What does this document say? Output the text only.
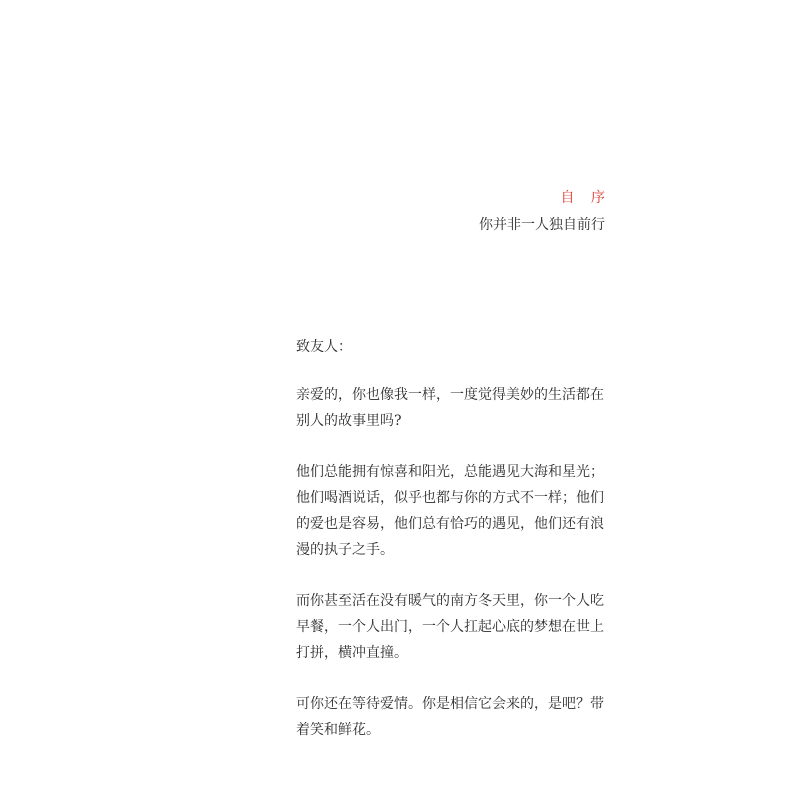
自 序
你并非一人独自前行

致友人：

亲爱的，你也像我一样，一度觉得美妙的生活都在别人的故事里吗?

他们总能拥有惊喜和阳光，总能遇见大海和星光；他们喝酒说话，似乎也都与你的方式不一样；他们的爱也是容易，他们总有恰巧的遇见，他们还有浪漫的执子之手。

而你甚至活在没有暖气的南方冬天里，你一个人吃早餐，一个人出门，一个人扛起心底的梦想在世上打拼，横冲直撞。

可你还在等待爱情。你是相信它会来的，是吧？带着笑和鲜花。
